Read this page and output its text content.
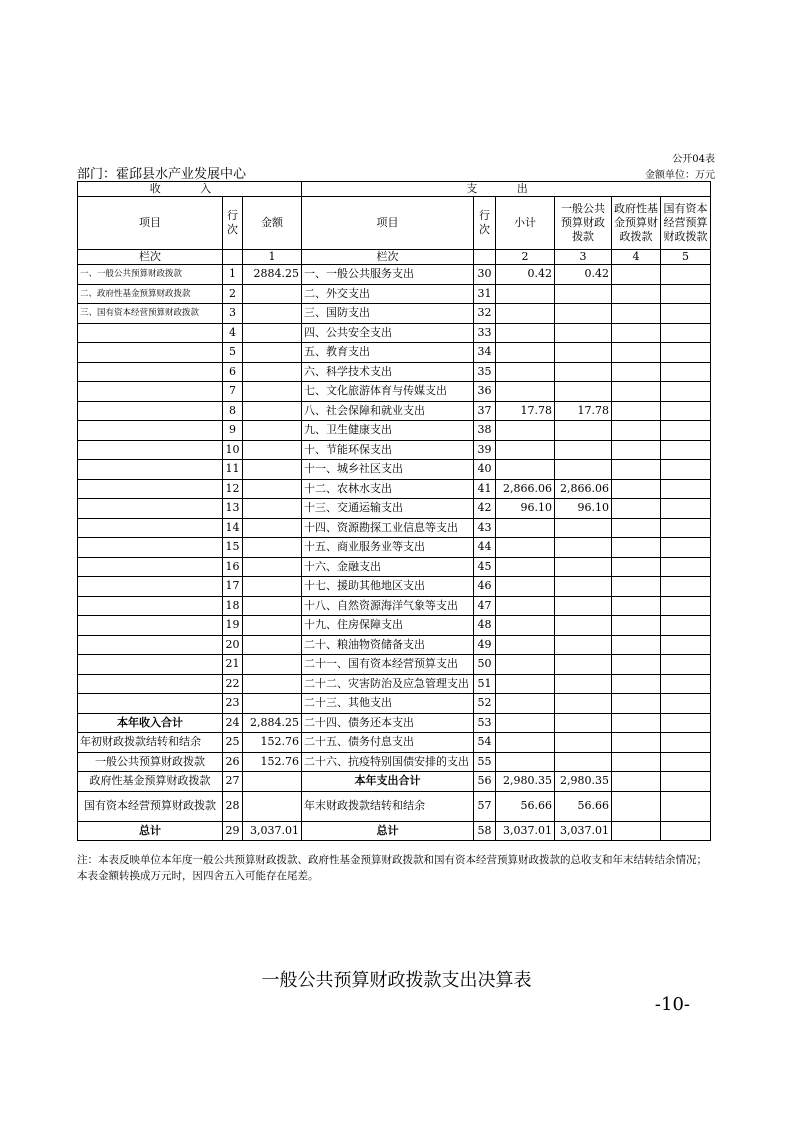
公开04表
部门：霍邱县水产业发展中心	金额单位：万元
收 入			支 出					
项目	行次	金额	项目	行次	小计	一般公共预算财政拨款	政府性基金预算财政拨款	国有资本经营预算财政拨款
栏次		1	栏次		2	3	4	5
一、一般公共预算财政拨款	1	2884.25	一、一般公共服务支出	30	0.42	0.42		
二、政府性基金预算财政拨款	2		二、外交支出	31				
三、国有资本经营预算财政拨款	3		三、国防支出	32				
	4		四、公共安全支出	33				
	5		五、教育支出	34				
	6		六、科学技术支出	35				
	7		七、文化旅游体育与传媒支出	36				
	8		八、社会保障和就业支出	37	17.78	17.78		
	9		九、卫生健康支出	38				
	10		十、节能环保支出	39				
	11		十一、城乡社区支出	40				
	12		十二、农林水支出	41	2,866.06	2,866.06		
	13		十三、交通运输支出	42	96.10	96.10		
	14		十四、资源勘探工业信息等支出	43				
	15		十五、商业服务业等支出	44				
	16		十六、金融支出	45				
	17		十七、援助其他地区支出	46				
	18		十八、自然资源海洋气象等支出	47				
	19		十九、住房保障支出	48				
	20		二十、粮油物资储备支出	49				
	21		二十一、国有资本经营预算支出	50				
	22		二十二、灾害防治及应急管理支出	51				
	23		二十三、其他支出	52				
本年收入合计	24	2,884.25	二十四、债务还本支出	53				
年初财政拨款结转和结余	25	152.76	二十五、债务付息支出	54				
一般公共预算财政拨款	26	152.76	二十六、抗疫特别国债安排的支出	55				
政府性基金预算财政拨款	27		本年支出合计	56	2,980.35	2,980.35		
国有资本经营预算财政拨款	28		年末财政拨款结转和结余	57	56.66	56.66		
总计	29	3,037.01	总计	58	3,037.01	3,037.01		
注：本表反映单位本年度一般公共预算财政拨款、政府性基金预算财政拨款和国有资本经营预算财政拨款的总收支和年末结转结余情况；本表金额转换成万元时，因四舍五入可能存在尾差。
一般公共预算财政拨款支出决算表
-10-
